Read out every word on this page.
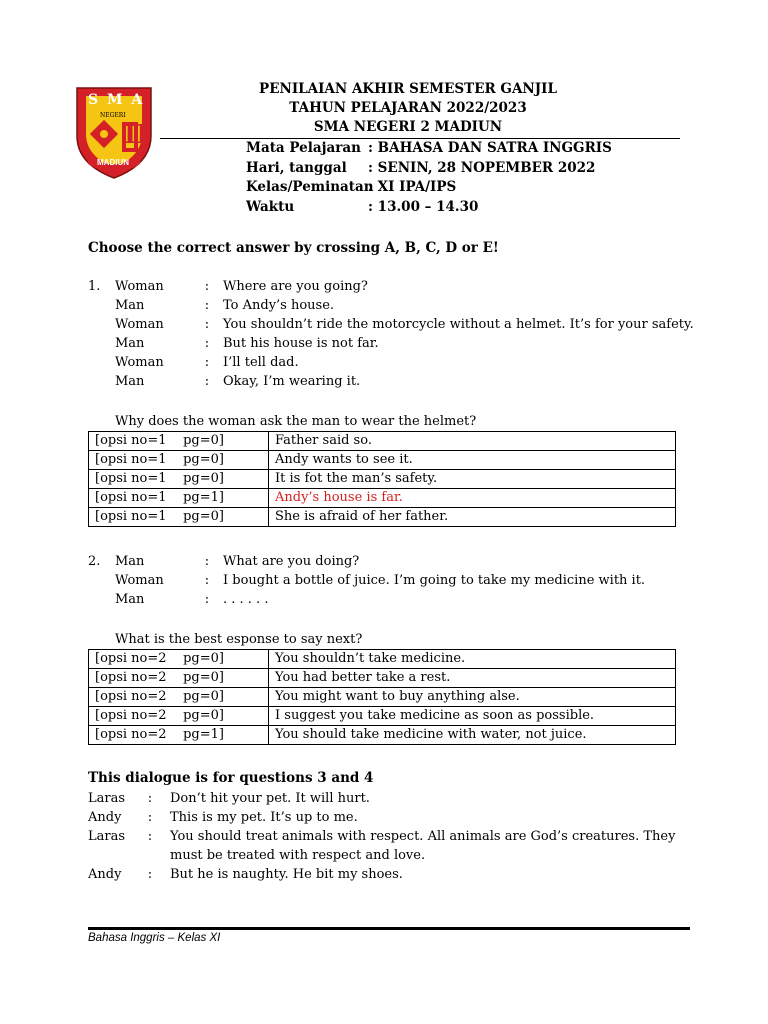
S M A
NEGERI
II
MADIUN
PENILAIAN AKHIR SEMESTER GANJIL
TAHUN PELAJARAN 2022/2023
SMA NEGERI 2 MADIUN
Mata Pelajaran : BAHASA DAN SATRA INGGRIS
Hari, tanggal : SENIN, 28 NOPEMBER 2022
Kelas/Peminatan: XI IPA/IPS
Waktu	: 13.00 – 14.30
Choose the correct answer by crossing A, B, C, D or E!
1. Woman	: Where are you going?
Man	: To Andy’s house.
Woman	: You shouldn’t ride the motorcycle without a helmet. It’s for your safety.
Man	: But his house is not far.
Woman	: I’ll tell dad.
Man	: Okay, I’m wearing it.
Why does the woman ask the man to wear the helmet?
[opsi no=1    pg=0]	Father said so.
[opsi no=1    pg=0]	Andy wants to see it.
[opsi no=1    pg=0]	It is fot the man’s safety.
[opsi no=1    pg=1]	Andy’s house is far.
[opsi no=1    pg=0]	She is afraid of her father.
2. Man	: What are you doing?
Woman	: I bought a bottle of juice. I’m going to take my medicine with it.
Man	: . . . . . .
What is the best esponse to say next?
[opsi no=2    pg=0]	You shouldn’t take medicine.
[opsi no=2    pg=0]	You had better take a rest.
[opsi no=2    pg=0]	You might want to buy anything alse.
[opsi no=2    pg=0]	I suggest you take medicine as soon as possible.
[opsi no=2    pg=1]	You should take medicine with water, not juice.
This dialogue is for questions 3 and 4
Laras : Don’t hit your pet. It will hurt.
Andy : This is my pet. It’s up to me.
Laras : You should treat animals with respect. All animals are God’s creatures. They
must be treated with respect and love.
Andy : But he is naughty. He bit my shoes.
Bahasa Inggris – Kelas XI
